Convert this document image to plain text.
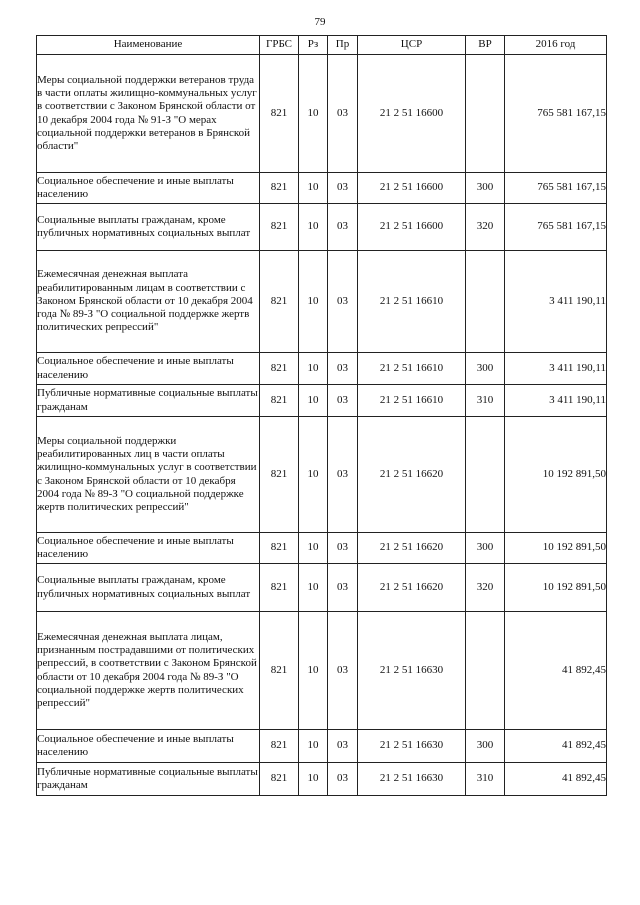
79
Наименование	ГРБС	Рз	Пр	ЦСР	ВР	2016 год
Меры социальной поддержки ветеранов труда в части оплаты жилищно-коммунальных услуг в соответствии с Законом Брянской области от 10 декабря 2004 года № 91-З "О мерах социальной поддержки ветеранов в Брянской области"	821	10	03	21 2 51 16600		765 581 167,15
Социальное обеспечение и иные выплаты населению	821	10	03	21 2 51 16600	300	765 581 167,15
Социальные выплаты гражданам, кроме публичных нормативных социальных выплат	821	10	03	21 2 51 16600	320	765 581 167,15
Ежемесячная денежная выплата реабилитированным лицам в соответствии с Законом Брянской области от 10 декабря 2004 года № 89-З "О социальной поддержке жертв политических репрессий"	821	10	03	21 2 51 16610		3 411 190,11
Социальное обеспечение и иные выплаты населению	821	10	03	21 2 51 16610	300	3 411 190,11
Публичные нормативные социальные выплаты гражданам	821	10	03	21 2 51 16610	310	3 411 190,11
Меры социальной поддержки реабилитированных лиц в части оплаты жилищно-коммунальных услуг в соответствии с Законом Брянской области от 10 декабря 2004 года № 89-З "О социальной поддержке жертв политических репрессий"	821	10	03	21 2 51 16620		10 192 891,50
Социальное обеспечение и иные выплаты населению	821	10	03	21 2 51 16620	300	10 192 891,50
Социальные выплаты гражданам, кроме публичных нормативных социальных выплат	821	10	03	21 2 51 16620	320	10 192 891,50
Ежемесячная денежная выплата лицам, признанным пострадавшими от политических репрессий, в соответствии с Законом Брянской области от 10 декабря 2004 года № 89-З "О социальной поддержке жертв политических репрессий"	821	10	03	21 2 51 16630		41 892,45
Социальное обеспечение и иные выплаты населению	821	10	03	21 2 51 16630	300	41 892,45
Публичные нормативные социальные выплаты гражданам	821	10	03	21 2 51 16630	310	41 892,45
